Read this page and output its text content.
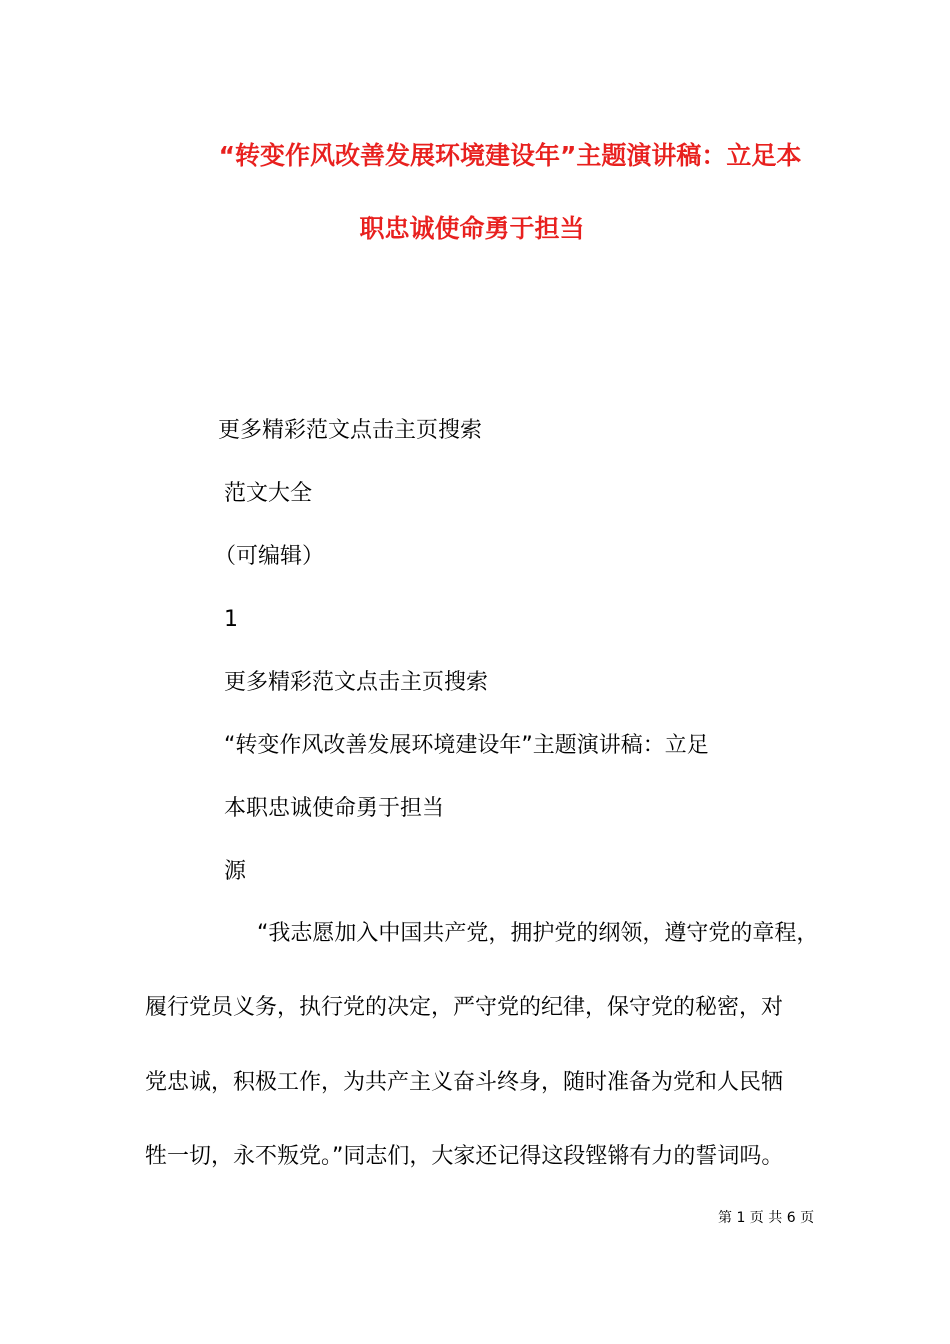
“转变作风改善发展环境建设年”主题演讲稿：立足本
职忠诚使命勇于担当
更多精彩范文点击主页搜索
范文大全
（可编辑）
1
更多精彩范文点击主页搜索
“转变作风改善发展环境建设年”主题演讲稿：立足
本职忠诚使命勇于担当
源
“我志愿加入中国共产党，拥护党的纲领，遵守党的章程，
履行党员义务，执行党的决定，严守党的纪律，保守党的秘密，对
党忠诚，积极工作，为共产主义奋斗终身，随时准备为党和人民牺
牲一切，永不叛党。”同志们，大家还记得这段铿锵有力的誓词吗。
第 1 页 共 6 页
